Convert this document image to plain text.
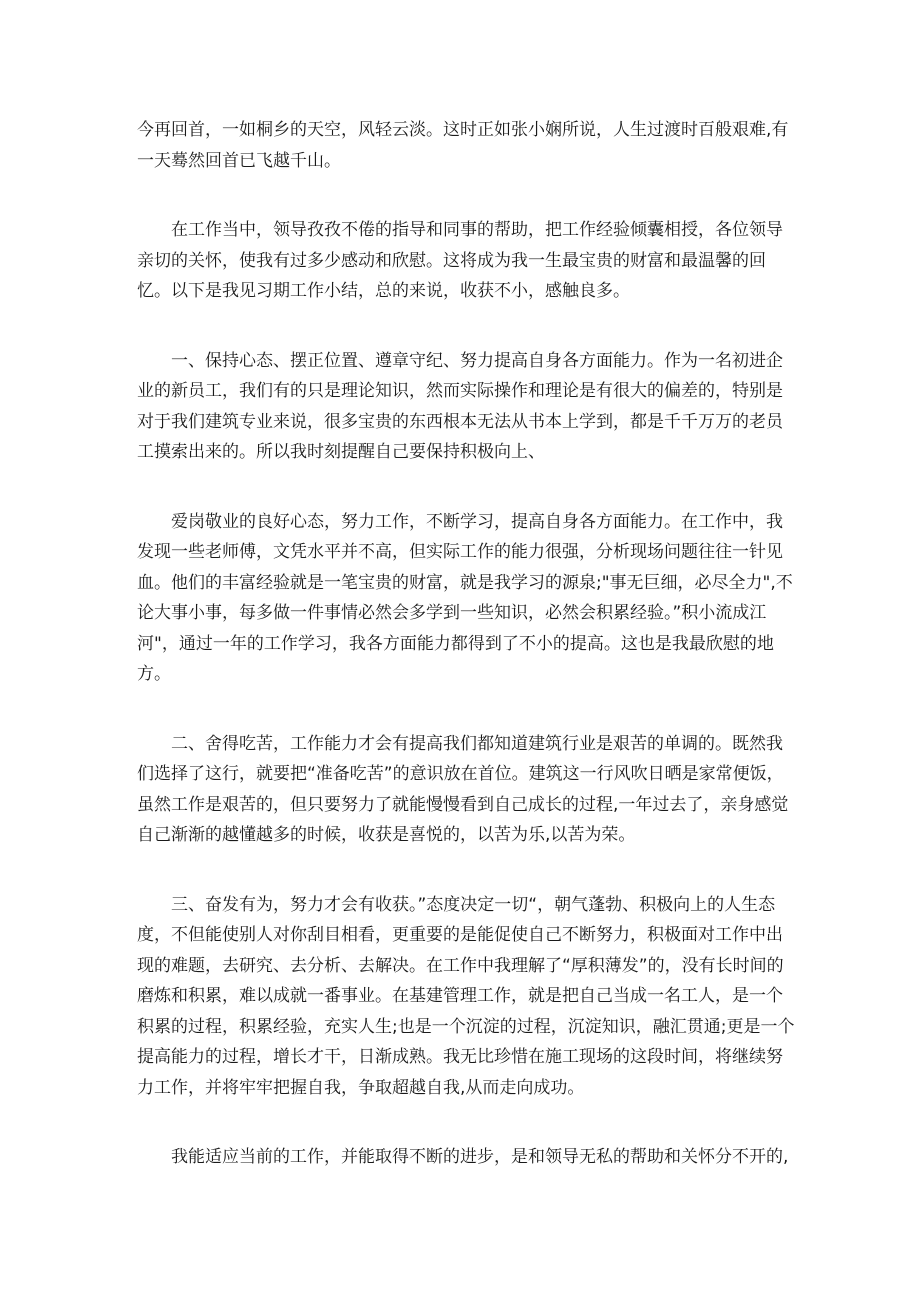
今再回首，一如桐乡的天空，风轻云淡。这时正如张小娴所说，人生过渡时百般艰难,有一天蓦然回首已飞越千山。

在工作当中，领导孜孜不倦的指导和同事的帮助，把工作经验倾囊相授，各位领导亲切的关怀，使我有过多少感动和欣慰。这将成为我一生最宝贵的财富和最温馨的回忆。以下是我见习期工作小结，总的来说，收获不小，感触良多。

一、保持心态、摆正位置、遵章守纪、努力提高自身各方面能力。作为一名初进企业的新员工，我们有的只是理论知识，然而实际操作和理论是有很大的偏差的，特别是对于我们建筑专业来说，很多宝贵的东西根本无法从书本上学到，都是千千万万的老员工摸索出来的。所以我时刻提醒自己要保持积极向上、

爱岗敬业的良好心态，努力工作，不断学习，提高自身各方面能力。在工作中，我发现一些老师傅，文凭水平并不高，但实际工作的能力很强，分析现场问题往往一针见血。他们的丰富经验就是一笔宝贵的财富，就是我学习的源泉;"事无巨细，必尽全力",不论大事小事，每多做一件事情必然会多学到一些知识，必然会积累经验。”积小流成江河"，通过一年的工作学习，我各方面能力都得到了不小的提高。这也是我最欣慰的地方。

二、舍得吃苦，工作能力才会有提高我们都知道建筑行业是艰苦的单调的。既然我们选择了这行，就要把“准备吃苦”的意识放在首位。建筑这一行风吹日晒是家常便饭，虽然工作是艰苦的，但只要努力了就能慢慢看到自己成长的过程,一年过去了，亲身感觉自己渐渐的越懂越多的时候，收获是喜悦的，以苦为乐,以苦为荣。

三、奋发有为，努力才会有收获。”态度决定一切“，朝气蓬勃、积极向上的人生态度，不但能使别人对你刮目相看，更重要的是能促使自己不断努力，积极面对工作中出现的难题，去研究、去分析、去解决。在工作中我理解了“厚积薄发”的，没有长时间的磨炼和积累，难以成就一番事业。在基建管理工作，就是把自己当成一名工人，是一个积累的过程，积累经验，充实人生;也是一个沉淀的过程，沉淀知识，融汇贯通;更是一个提高能力的过程，增长才干，日渐成熟。我无比珍惜在施工现场的这段时间，将继续努力工作，并将牢牢把握自我，争取超越自我,从而走向成功。

我能适应当前的工作，并能取得不断的进步，是和领导无私的帮助和关怀分不开的,
